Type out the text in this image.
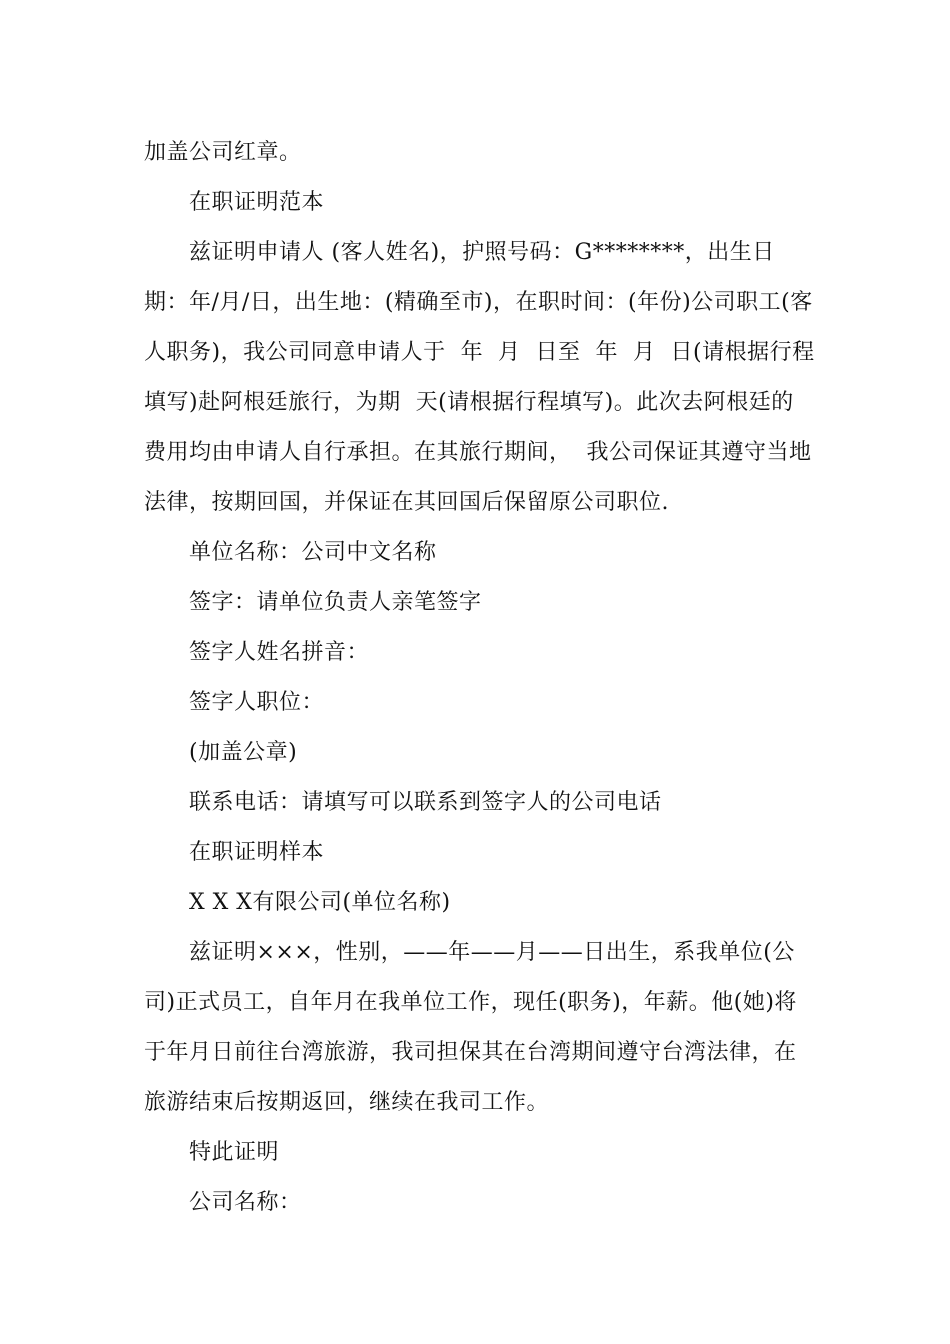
加盖公司红章。

在职证明范本

兹证明申请人 (客人姓名)，护照号码：G********，出生日期：年/月/日，出生地：(精确至市)，在职时间：(年份)公司职工(客人职务)，我公司同意申请人于  年  月  日至  年  月  日(请根据行程填写)赴阿根廷旅行，为期  天(请根据行程填写)。此次去阿根廷的费用均由申请人自行承担。在其旅行期间，  我公司保证其遵守当地法律，按期回国，并保证在其回国后保留原公司职位.

单位名称：公司中文名称

签字：请单位负责人亲笔签字

签字人姓名拼音：

签字人职位：

(加盖公章)

联系电话：请填写可以联系到签字人的公司电话

在职证明样本

X X X有限公司(单位名称)

兹证明×××，性别，——年——月——日出生，系我单位(公司)正式员工，自年月在我单位工作，现任(职务)，年薪。他(她)将于年月日前往台湾旅游，我司担保其在台湾期间遵守台湾法律，在旅游结束后按期返回，继续在我司工作。

特此证明

公司名称：
